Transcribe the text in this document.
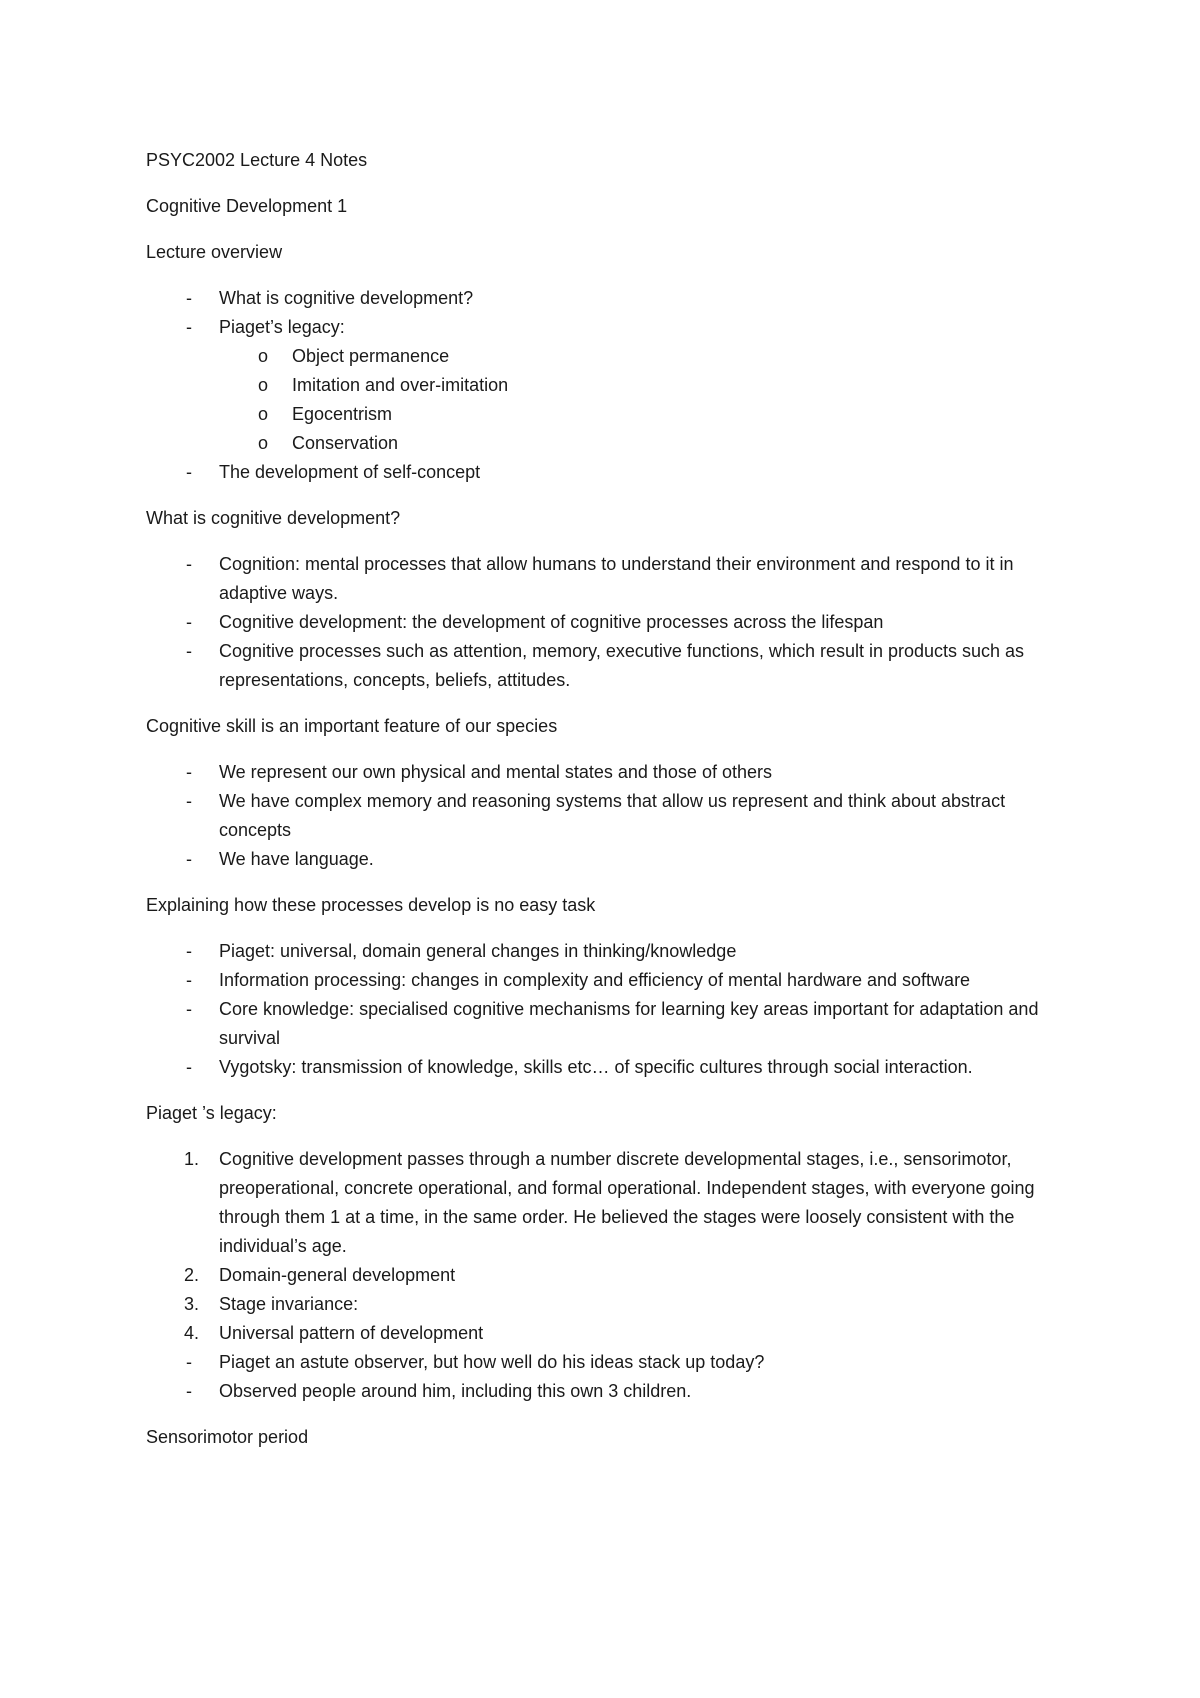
PSYC2002 Lecture 4 Notes

Cognitive Development 1

Lecture overview

- What is cognitive development?
- Piaget’s legacy:
o Object permanence
o Imitation and over-imitation
o Egocentrism
o Conservation
- The development of self-concept

What is cognitive development?

- Cognition: mental processes that allow humans to understand their environment and respond to it in adaptive ways.
- Cognitive development: the development of cognitive processes across the lifespan
- Cognitive processes such as attention, memory, executive functions, which result in products such as representations, concepts, beliefs, attitudes.

Cognitive skill is an important feature of our species

- We represent our own physical and mental states and those of others
- We have complex memory and reasoning systems that allow us represent and think about abstract concepts
- We have language.

Explaining how these processes develop is no easy task

- Piaget: universal, domain general changes in thinking/knowledge
- Information processing: changes in complexity and efficiency of mental hardware and software
- Core knowledge: specialised cognitive mechanisms for learning key areas important for adaptation and survival
- Vygotsky: transmission of knowledge, skills etc… of specific cultures through social interaction.

Piaget ’s legacy:

1. Cognitive development passes through a number discrete developmental stages, i.e., sensorimotor, preoperational, concrete operational, and formal operational. Independent stages, with everyone going through them 1 at a time, in the same order. He believed the stages were loosely consistent with the individual’s age.
2. Domain-general development
3. Stage invariance:
4. Universal pattern of development
- Piaget an astute observer, but how well do his ideas stack up today?
- Observed people around him, including this own 3 children.

Sensorimotor period
